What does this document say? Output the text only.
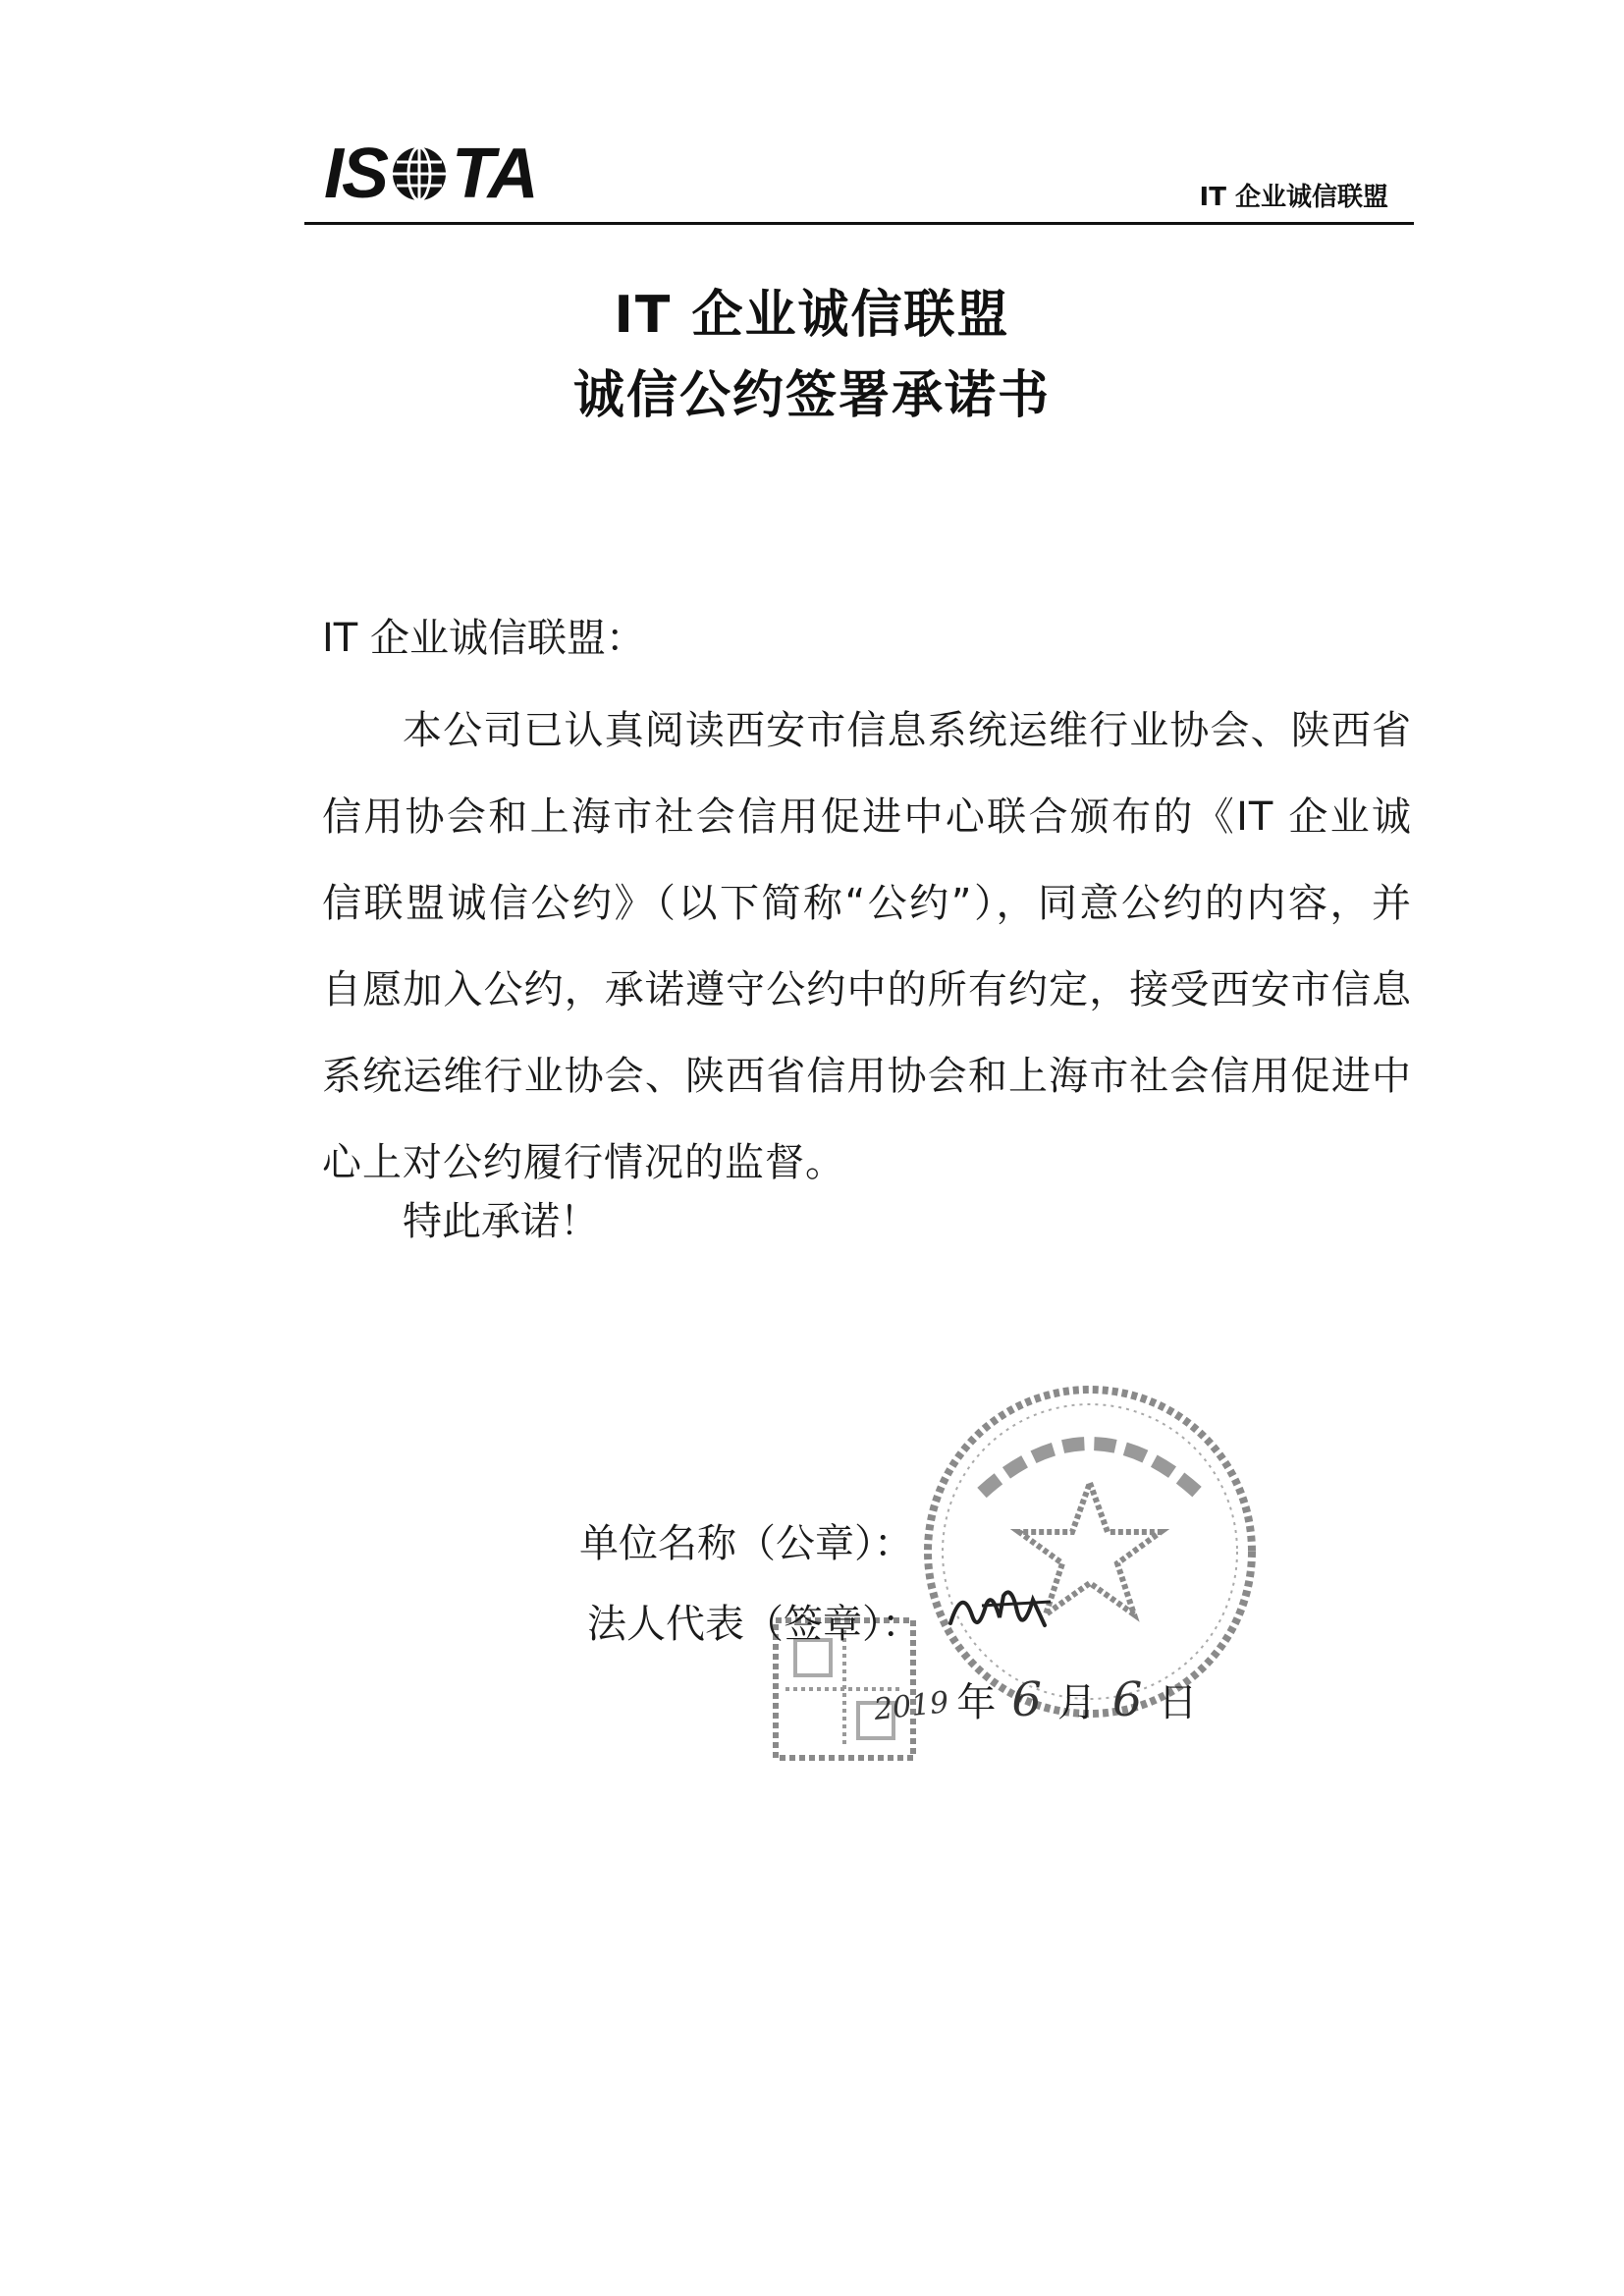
IS TA	IT 企业诚信联盟
IT 企业诚信联盟
诚信公约签署承诺书
IT 企业诚信联盟：
本公司已认真阅读西安市信息系统运维行业协会、陕西省信用协会和上海市社会信用促进中心联合颁布的《IT 企业诚信联盟诚信公约》（以下简称“公约”），同意公约的内容，并自愿加入公约，承诺遵守公约中的所有约定，接受西安市信息系统运维行业协会、陕西省信用协会和上海市社会信用促进中心上对公约履行情况的监督。
特此承诺！
单位名称（公章）：
法人代表（签章）：
2019 年 6 月 6 日
